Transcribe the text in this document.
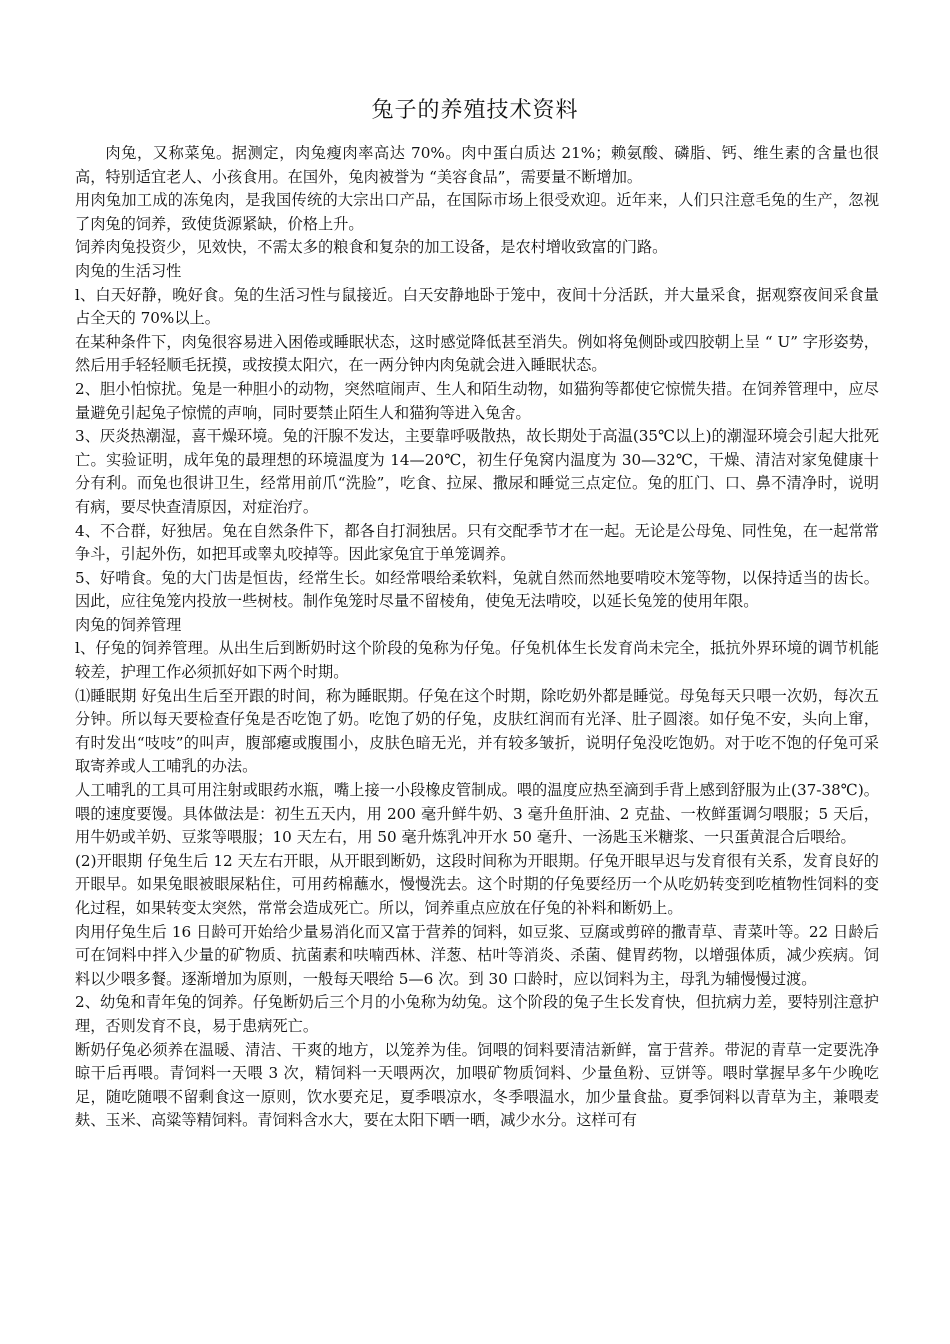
兔子的养殖技术资料

肉兔，又称菜兔。据测定，肉兔瘦肉率高达 70%。肉中蛋白质达 21%；赖氨酸、磷脂、钙、维生素的含量也很高，特别适宜老人、小孩食用。在国外，兔肉被誉为 “美容食品”，需要量不断增加。

用肉兔加工成的冻兔肉，是我国传统的大宗出口产品，在国际市场上很受欢迎。近年来，人们只注意毛兔的生产，忽视了肉兔的饲养，致使货源紧缺，价格上升。

饲养肉兔投资少，见效快，不需太多的粮食和复杂的加工设备，是农村增收致富的门路。

肉兔的生活习性

l、白天好静，晚好食。兔的生活习性与鼠接近。白天安静地卧于笼中，夜间十分活跃，并大量采食，据观察夜间采食量占全天的 70%以上。

在某种条件下，肉兔很容易进入困倦或睡眠状态，这时感觉降低甚至消失。例如将兔侧卧或四胶朝上呈 “ U” 字形姿势，然后用手轻轻顺毛抚摸，或按摸太阳穴，在一两分钟内肉兔就会进入睡眠状态。

2、胆小怕惊扰。兔是一种胆小的动物，突然喧闹声、生人和陌生动物，如猫狗等都使它惊慌失措。在饲养管理中，应尽量避免引起兔子惊慌的声响，同时要禁止陌生人和猫狗等进入兔舍。

3、厌炎热潮湿，喜干燥环境。兔的汗腺不发达，主要靠呼吸散热，故长期处于高温(35℃以上)的潮湿环境会引起大批死亡。实验证明，成年兔的最理想的环境温度为 14—20℃，初生仔兔窝内温度为 30—32℃，干燥、清洁对家兔健康十分有利。而兔也很讲卫生，经常用前爪“洗脸”，吃食、拉屎、撒尿和睡觉三点定位。兔的肛门、口、鼻不清净时，说明有病，要尽快查清原因，对症治疗。

4、不合群，好独居。兔在自然条件下，都各自打洞独居。只有交配季节才在一起。无论是公母兔、同性兔，在一起常常争斗，引起外伤，如把耳或睾丸咬掉等。因此家兔宜于单笼调养。

5、好啃食。兔的大门齿是恒齿，经常生长。如经常喂给柔软料，兔就自然而然地要啃咬木笼等物，以保持适当的齿长。因此，应往兔笼内投放一些树枝。制作兔笼时尽量不留棱角，使兔无法啃咬，以延长兔笼的使用年限。

肉兔的饲养管理

l、仔兔的饲养管理。从出生后到断奶时这个阶段的兔称为仔兔。仔兔机体生长发育尚未完全，抵抗外界环境的调节机能较差，护理工作必须抓好如下两个时期。

⑴睡眠期 好兔出生后至开跟的时间，称为睡眠期。仔兔在这个时期，除吃奶外都是睡觉。母兔每天只喂一次奶，每次五分钟。所以每天要检查仔兔是否吃饱了奶。吃饱了奶的仔兔，皮肤红润而有光泽、肚子圆滚。如仔兔不安，头向上窜，有时发出“吱吱”的叫声，腹部瘪或腹围小，皮肤色暗无光，并有较多皱折，说明仔兔没吃饱奶。对于吃不饱的仔兔可采取寄养或人工哺乳的办法。

人工哺乳的工具可用注射或眼药水瓶，嘴上接一小段橡皮管制成。喂的温度应热至滴到手背上感到舒服为止(37-38℃)。喂的速度要馒。具体做法是：初生五天内，用 200 毫升鲜牛奶、3 毫升鱼肝油、2 克盐、一枚鲜蛋调匀喂服；5 天后，用牛奶或羊奶、豆浆等喂服；10 天左右，用 50 毫升炼乳冲开水 50 毫升、一汤匙玉米糖浆、一只蛋黄混合后喂给。

(2)开眼期 仔兔生后 12 天左右开眼，从开眼到断奶，这段时间称为开眼期。仔兔开眼早迟与发育很有关系，发育良好的开眼早。如果兔眼被眼屎粘住，可用药棉蘸水，慢慢洗去。这个时期的仔兔要经历一个从吃奶转变到吃植物性饲料的变化过程，如果转变太突然，常常会造成死亡。所以，饲养重点应放在仔兔的补料和断奶上。

肉用仔兔生后 16 日龄可开始给少量易消化而又富于营养的饲料，如豆浆、豆腐或剪碎的撒青草、青菜叶等。22 日龄后可在饲料中拌入少量的矿物质、抗菌素和呋喃西林、洋葱、枯叶等消炎、杀菌、健胃药物，以增强体质，减少疾病。饲料以少喂多餐。逐渐增加为原则，一般每天喂给 5—6 次。到 30 口龄时，应以饲料为主，母乳为辅慢慢过渡。

2、幼兔和青年兔的饲养。仔兔断奶后三个月的小兔称为幼兔。这个阶段的兔子生长发育快，但抗病力差，要特别注意护理，否则发育不良，易于患病死亡。

断奶仔兔必须养在温暖、清洁、干爽的地方，以笼养为佳。饲喂的饲料要清洁新鲜，富于营养。带泥的青草一定要洗净晾干后再喂。青饲料一天喂 3 次，精饲料一天喂两次，加喂矿物质饲料、少量鱼粉、豆饼等。喂时掌握早多午少晚吃足，随吃随喂不留剩食这一原则，饮水要充足，夏季喂凉水，冬季喂温水，加少量食盐。夏季饲料以青草为主，兼喂麦麸、玉米、高粱等精饲料。青饲料含水大，要在太阳下晒一晒，减少水分。这样可有
